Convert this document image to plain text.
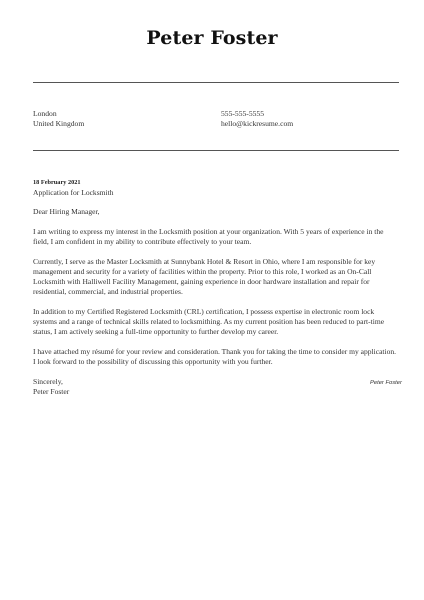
Peter Foster
London
United Kingdom
555-555-5555
hello@kickresume.com
18 February 2021
Application for Locksmith
Dear Hiring Manager,

I am writing to express my interest in the Locksmith position at your organization. With 5 years of experience in the field, I am confident in my ability to contribute effectively to your team.

Currently, I serve as the Master Locksmith at Sunnybank Hotel & Resort in Ohio, where I am responsible for key management and security for a variety of facilities within the property. Prior to this role, I worked as an On-Call Locksmith with Halliwell Facility Management, gaining experience in door hardware installation and repair for residential, commercial, and industrial properties.

In addition to my Certified Registered Locksmith (CRL) certification, I possess expertise in electronic room lock systems and a range of technical skills related to locksmithing. As my current position has been reduced to part-time status, I am actively seeking a full-time opportunity to further develop my career.

I have attached my résumé for your review and consideration. Thank you for taking the time to consider my application. I look forward to the possibility of discussing this opportunity with you further.

Sincerely,
Peter Foster
Peter Foster
